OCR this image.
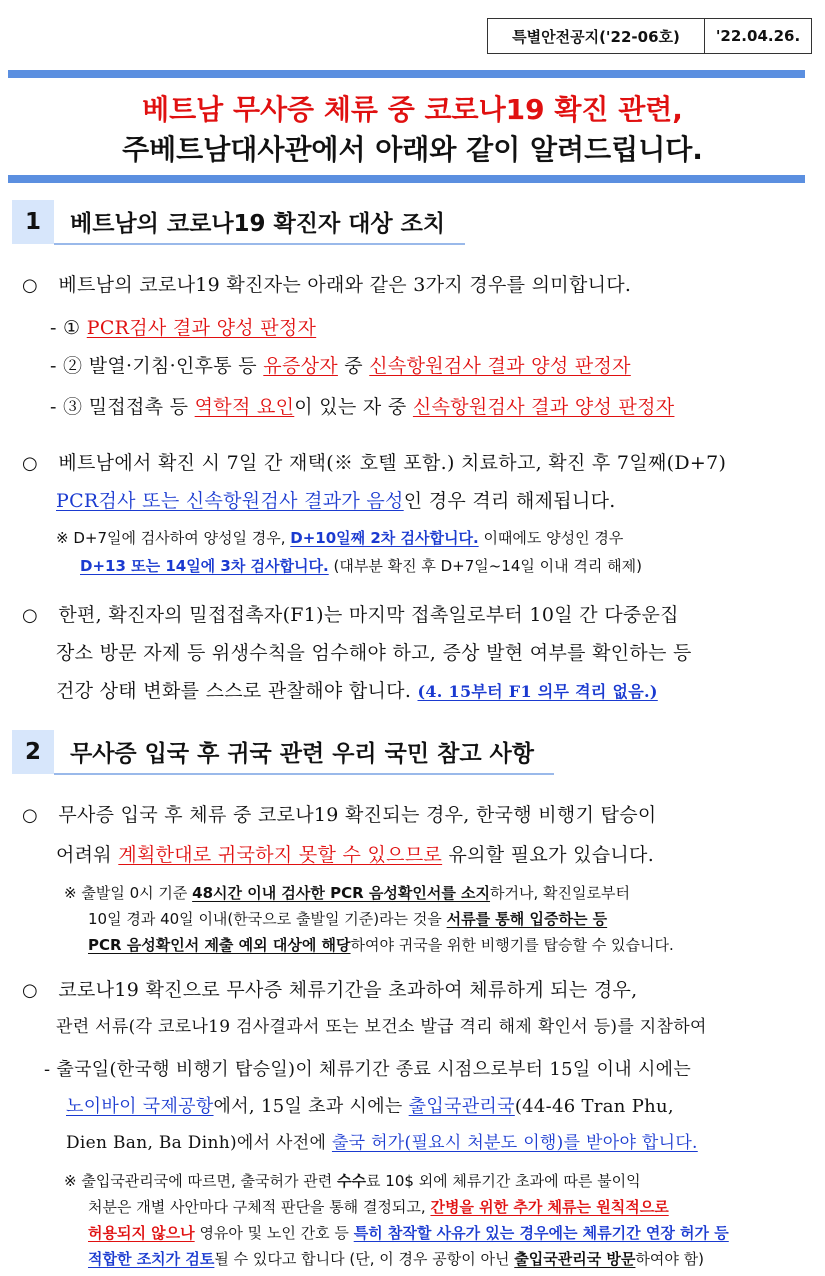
특별안전공지('22-06호)	'22.04.26.
베트남 무사증 체류 중 코로나19 확진 관련,
주베트남대사관에서 아래와 같이 알려드립니다.
1	베트남의 코로나19 확진자 대상 조치
○ 베트남의 코로나19 확진자는 아래와 같은 3가지 경우를 의미합니다.
- ① PCR검사 결과 양성 판정자
- ② 발열·기침·인후통 등 유증상자 중 신속항원검사 결과 양성 판정자
- ③ 밀접접촉 등 역학적 요인이 있는 자 중 신속항원검사 결과 양성 판정자
○ 베트남에서 확진 시 7일 간 재택(※ 호텔 포함.) 치료하고, 확진 후 7일째(D+7)
PCR검사 또는 신속항원검사 결과가 음성인 경우 격리 해제됩니다.
※ D+7일에 검사하여 양성일 경우, D+10일째 2차 검사합니다. 이때에도 양성인 경우
D+13 또는 14일에 3차 검사합니다. (대부분 확진 후 D+7일~14일 이내 격리 해제)
○ 한편, 확진자의 밀접접촉자(F1)는 마지막 접촉일로부터 10일 간 다중운집
장소 방문 자제 등 위생수칙을 엄수해야 하고, 증상 발현 여부를 확인하는 등
건강 상태 변화를 스스로 관찰해야 합니다. (4. 15부터 F1 의무 격리 없음.)
2	무사증 입국 후 귀국 관련 우리 국민 참고 사항
○ 무사증 입국 후 체류 중 코로나19 확진되는 경우, 한국행 비행기 탑승이
어려워 계획한대로 귀국하지 못할 수 있으므로 유의할 필요가 있습니다.
※ 출발일 0시 기준 48시간 이내 검사한 PCR 음성확인서를 소지하거나, 확진일로부터
10일 경과 40일 이내(한국으로 출발일 기준)라는 것을 서류를 통해 입증하는 등
PCR 음성확인서 제출 예외 대상에 해당하여야 귀국을 위한 비행기를 탑승할 수 있습니다.
○ 코로나19 확진으로 무사증 체류기간을 초과하여 체류하게 되는 경우,
관련 서류(각 코로나19 검사결과서 또는 보건소 발급 격리 해제 확인서 등)를 지참하여
- 출국일(한국행 비행기 탑승일)이 체류기간 종료 시점으로부터 15일 이내 시에는
노이바이 국제공항에서, 15일 초과 시에는 출입국관리국(44-46 Tran Phu,
Dien Ban, Ba Dinh)에서 사전에 출국 허가(필요시 처분도 이행)를 받아야 합니다.
※ 출입국관리국에 따르면, 출국허가 관련 수수료 10$ 외에 체류기간 초과에 따른 불이익
처분은 개별 사안마다 구체적 판단을 통해 결정되고, 간병을 위한 추가 체류는 원칙적으로
허용되지 않으나 영유아 및 노인 간호 등 특히 참작할 사유가 있는 경우에는 체류기간 연장 허가 등
적합한 조치가 검토될 수 있다고 합니다 (단, 이 경우 공항이 아닌 출입국관리국 방문하여야 함)
